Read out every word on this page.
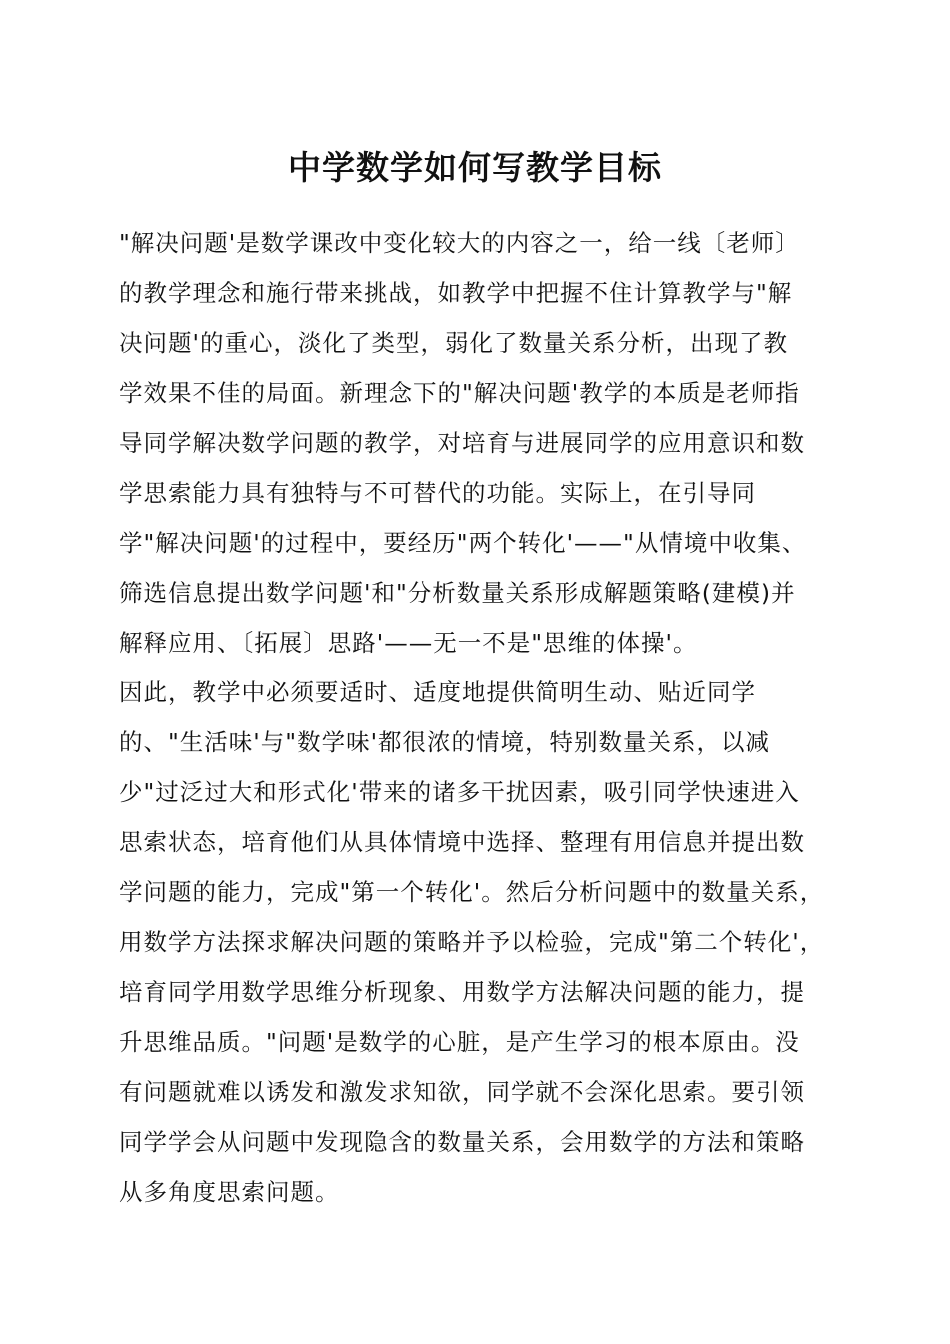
中学数学如何写教学目标
"解决问题'是数学课改中变化较大的内容之一，给一线〔老师〕
的教学理念和施行带来挑战，如教学中把握不住计算教学与"解
决问题'的重心，淡化了类型，弱化了数量关系分析，出现了教
学效果不佳的局面。新理念下的"解决问题'教学的本质是老师指
导同学解决数学问题的教学，对培育与进展同学的应用意识和数
学思索能力具有独特与不可替代的功能。实际上，在引导同
学"解决问题'的过程中，要经历"两个转化'——"从情境中收集、
筛选信息提出数学问题'和"分析数量关系形成解题策略(建模)并
解释应用、〔拓展〕思路'——无一不是"思维的体操'。
因此，教学中必须要适时、适度地提供简明生动、贴近同学
的、"生活味'与"数学味'都很浓的情境，特别数量关系，以减
少"过泛过大和形式化'带来的诸多干扰因素，吸引同学快速进入
思索状态，培育他们从具体情境中选择、整理有用信息并提出数
学问题的能力，完成"第一个转化'。然后分析问题中的数量关系，
用数学方法探求解决问题的策略并予以检验，完成"第二个转化'，
培育同学用数学思维分析现象、用数学方法解决问题的能力，提
升思维品质。"问题'是数学的心脏，是产生学习的根本原由。没
有问题就难以诱发和激发求知欲，同学就不会深化思索。要引领
同学学会从问题中发现隐含的数量关系，会用数学的方法和策略
从多角度思索问题。
